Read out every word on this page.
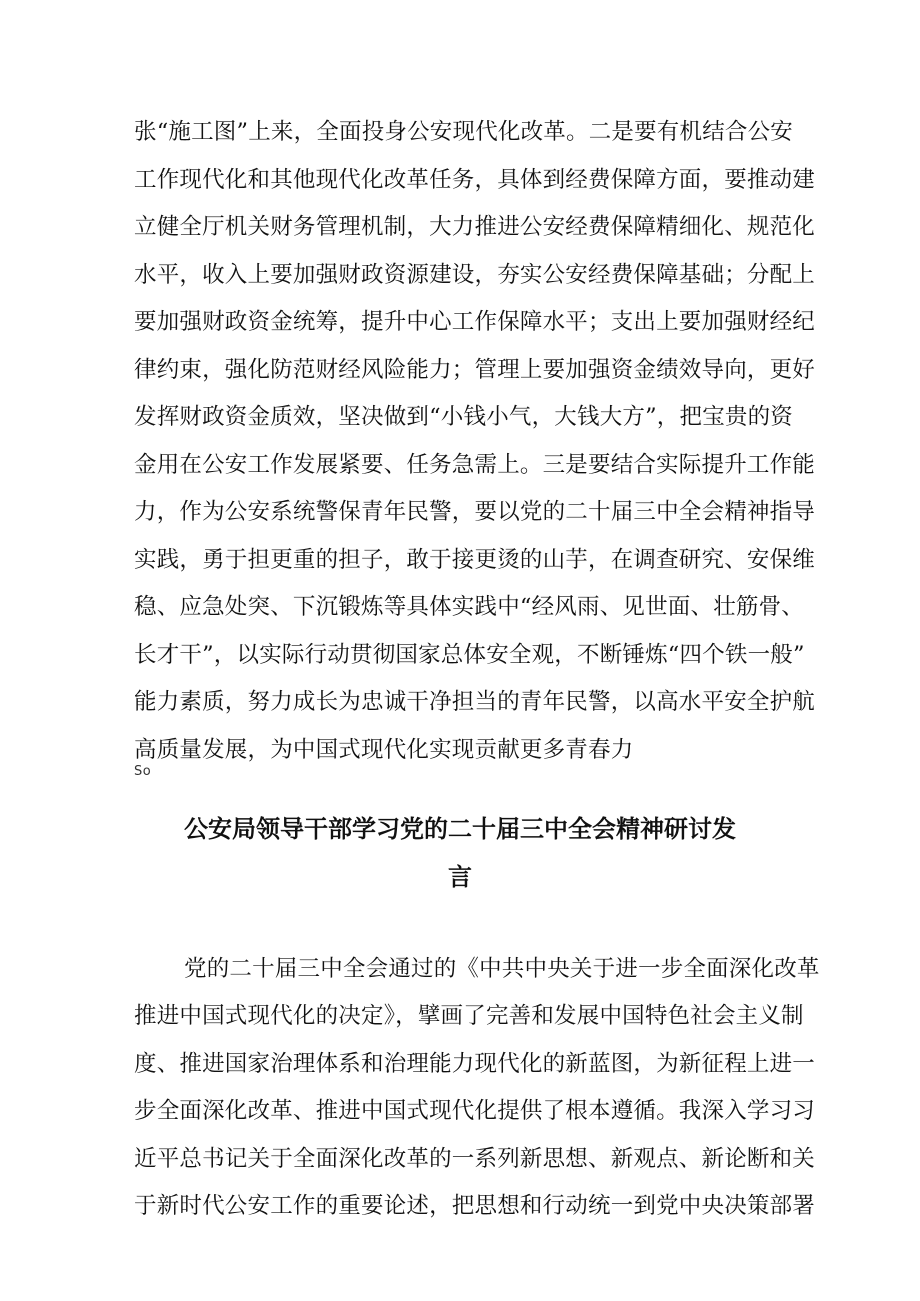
张“施工图”上来，全面投身公安现代化改革。二是要有机结合公安
工作现代化和其他现代化改革任务，具体到经费保障方面，要推动建
立健全厅机关财务管理机制，大力推进公安经费保障精细化、规范化
水平，收入上要加强财政资源建设，夯实公安经费保障基础；分配上
要加强财政资金统筹，提升中心工作保障水平；支出上要加强财经纪
律约束，强化防范财经风险能力；管理上要加强资金绩效导向，更好
发挥财政资金质效，坚决做到“小钱小气，大钱大方”，把宝贵的资
金用在公安工作发展紧要、任务急需上。三是要结合实际提升工作能
力，作为公安系统警保青年民警，要以党的二十届三中全会精神指导
实践，勇于担更重的担子，敢于接更烫的山芋，在调查研究、安保维
稳、应急处突、下沉锻炼等具体实践中“经风雨、见世面、壮筋骨、
长才干”，以实际行动贯彻国家总体安全观，不断锤炼“四个铁一般”
能力素质，努力成长为忠诚干净担当的青年民警，以高水平安全护航
高质量发展，为中国式现代化实现贡献更多青春力
So
公安局领导干部学习党的二十届三中全会精神研讨发
言
党的二十届三中全会通过的《中共中央关于进一步全面深化改革
推进中国式现代化的决定》，擘画了完善和发展中国特色社会主义制
度、推进国家治理体系和治理能力现代化的新蓝图，为新征程上进一
步全面深化改革、推进中国式现代化提供了根本遵循。我深入学习习
近平总书记关于全面深化改革的一系列新思想、新观点、新论断和关
于新时代公安工作的重要论述，把思想和行动统一到党中央决策部署
